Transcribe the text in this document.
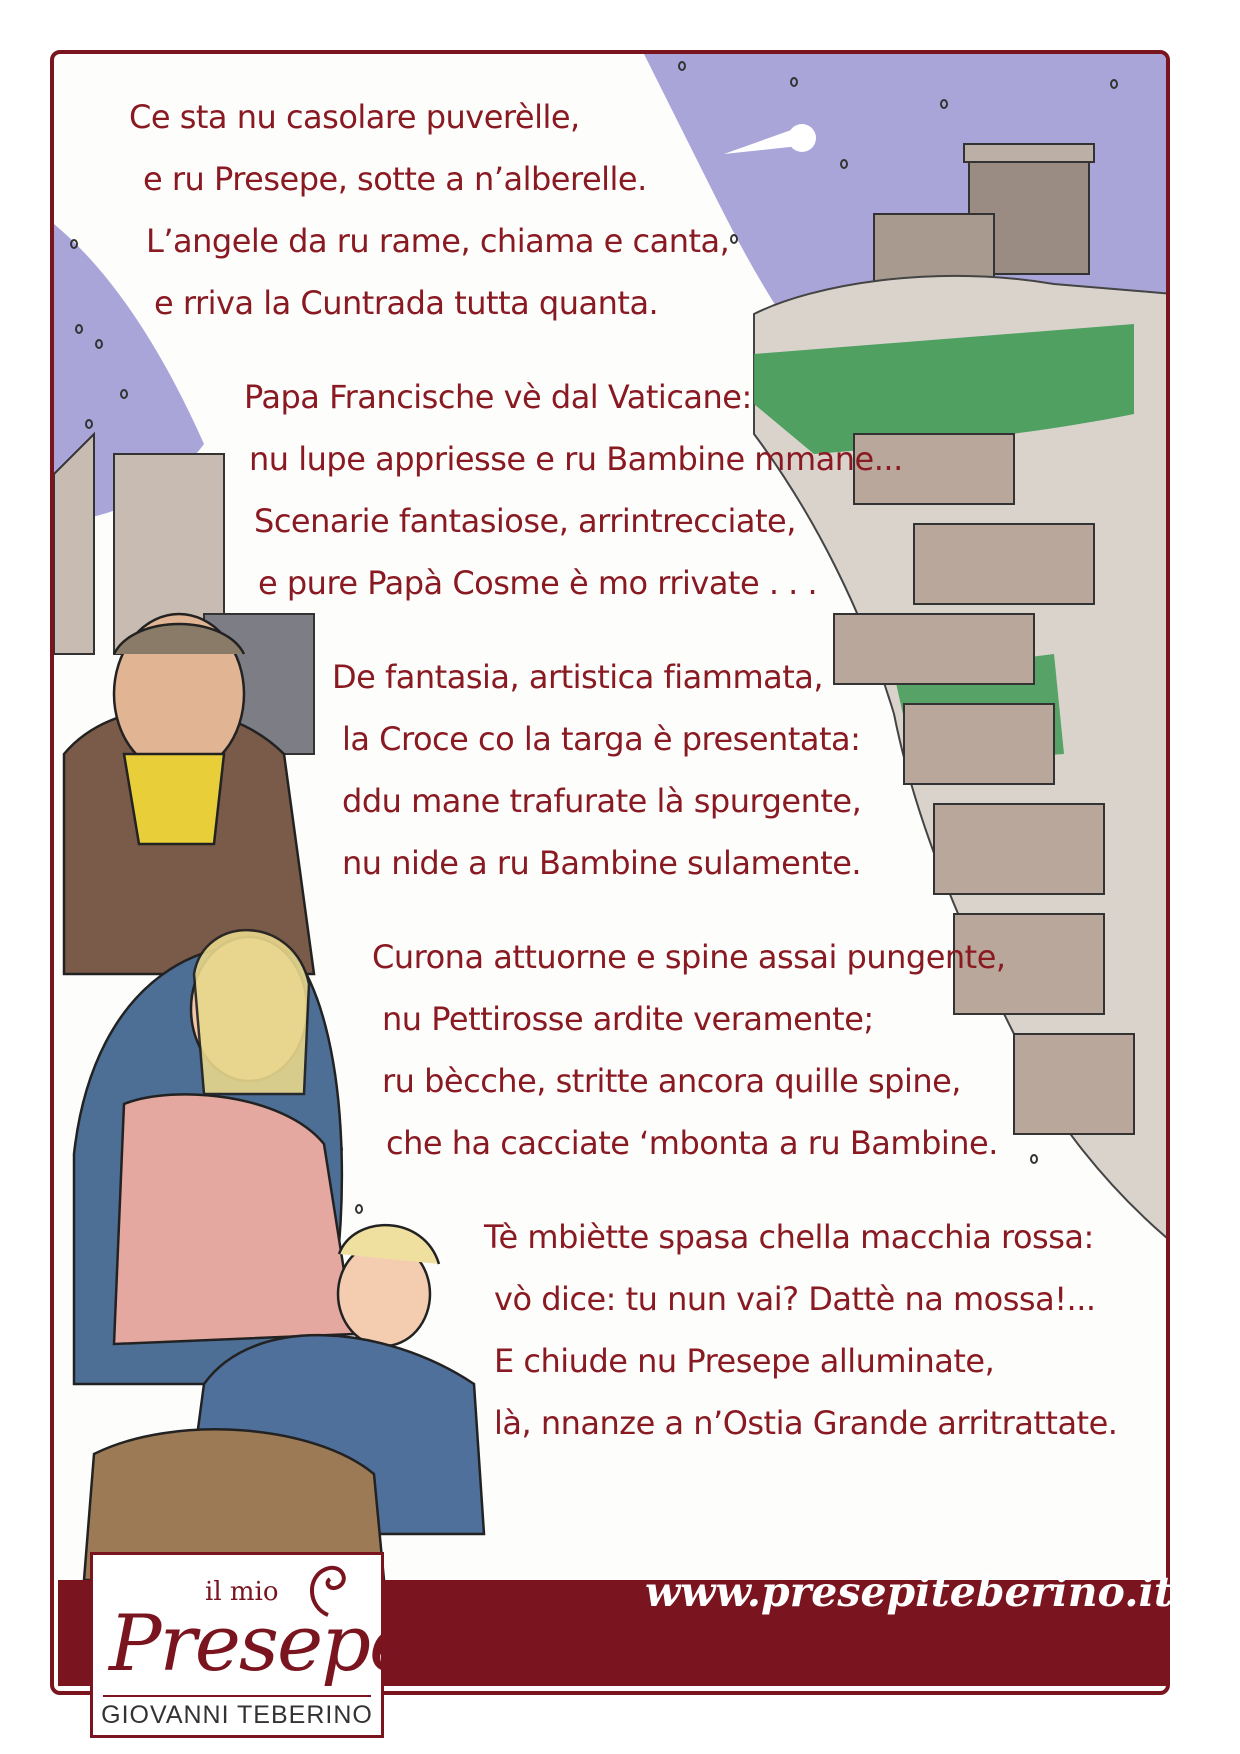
Ce sta nu casolare puverèlle,
e ru Presepe, sotte a n’alberelle.
L’angele da ru rame, chiama e canta,
e rriva la Cuntrada tutta quanta.

Papa Francische vè dal Vaticane:
nu lupe appriesse e ru Bambine mmane...
Scenarie fantasiose, arrintrecciate,
e pure Papà Cosme è mo rrivate . . .

De fantasia, artistica fiammata,
la Croce co la targa è presentata:
ddu mane trafurate là spurgente,
nu nide a ru Bambine sulamente.

Curona attuorne e spine assai pungente,
nu Pettirosse ardite veramente;
ru bècche, stritte ancora quille spine,
che ha cacciate ‘mbonta a ru Bambine.

Tè mbiètte spasa chella macchia rossa:
vò dice: tu nun vai? Dattè na mossa!...
E chiude nu Presepe alluminate,
là, nnanze a n’Ostia Grande arritrattate.

www.presepiteberino.it
il mio
Presepe
GIOVANNI TEBERINO
